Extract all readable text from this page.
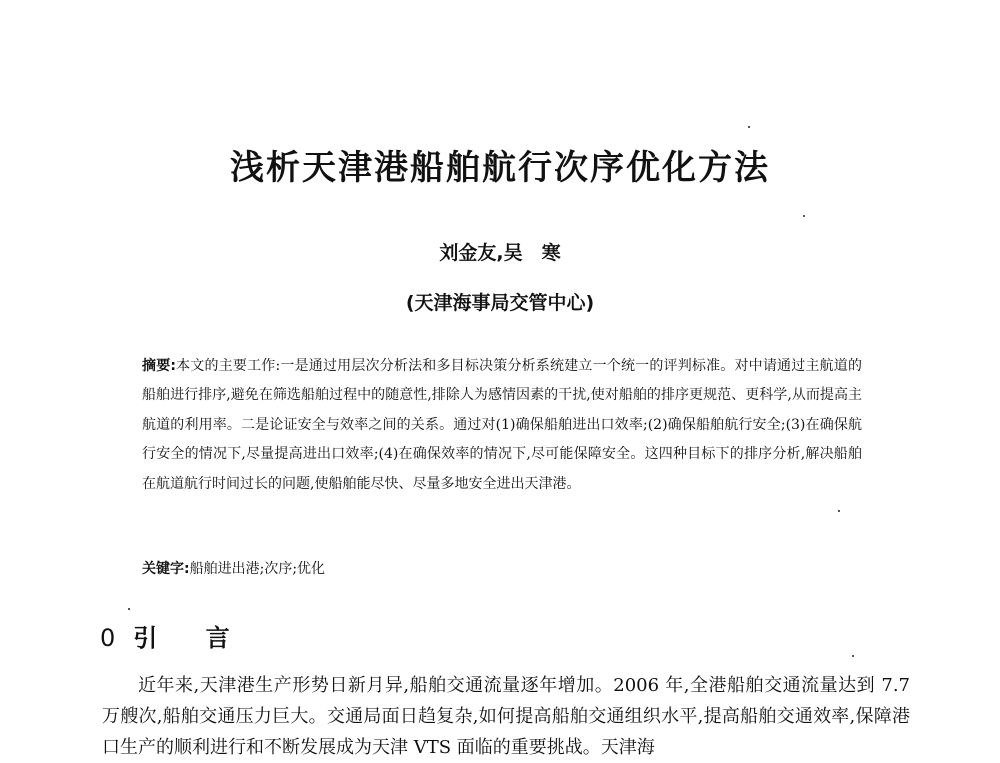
浅析天津港船舶航行次序优化方法
刘金友,吴　寒
(天津海事局交管中心)
摘要:本文的主要工作:一是通过用层次分析法和多目标决策分析系统建立一个统一的评判标准。对中请通过主航道的船舶进行排序,避免在筛选船舶过程中的随意性,排除人为感情因素的干扰,使对船舶的排序更规范、更科学,从而提高主航道的利用率。二是论证安全与效率之间的关系。通过对(1)确保船舶进出口效率;(2)确保船舶航行安全;(3)在确保航行安全的情况下,尽量提高进出口效率;(4)在确保效率的情况下,尽可能保障安全。这四种目标下的排序分析,解决船舶在航道航行时间过长的问题,使船舶能尽快、尽量多地安全进出天津港。
关键字:船舶进出港;次序;优化
0 引 言
近年来,天津港生产形势日新月异,船舶交通流量逐年增加。2006 年,全港船舶交通流量达到 7.7 万艘次,船舶交通压力巨大。交通局面日趋复杂,如何提高船舶交通组织水平,提高船舶交通效率,保障港口生产的顺利进行和不断发展成为天津 VTS 面临的重要挑战。天津海
